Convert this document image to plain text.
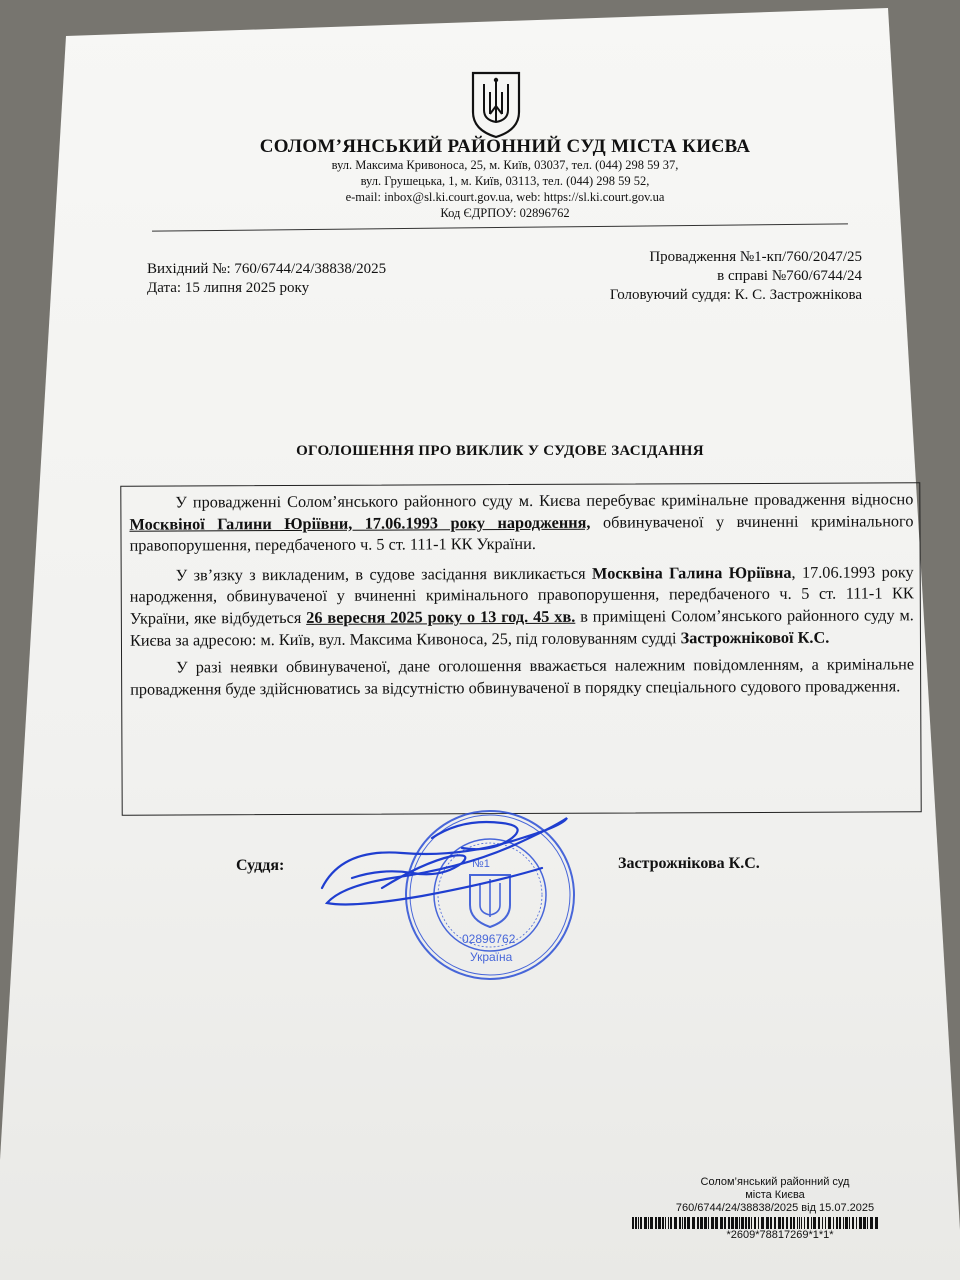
СОЛОМ’ЯНСЬКИЙ РАЙОННИЙ СУД МІСТА КИЄВА

вул. Максима Кривоноса, 25, м. Київ, 03037, тел. (044) 298 59 37,
вул. Грушецька, 1, м. Київ, 03113, тел. (044) 298 59 52,
e-mail: inbox@sl.ki.court.gov.ua, web: https://sl.ki.court.gov.ua
Код ЄДРПОУ: 02896762
Вихідний №: 760/6744/24/38838/2025
Дата: 15 липня 2025 року
Провадження №1-кп/760/2047/25
в справі №760/6744/24
Головуючий суддя: К. С. Застрожнікова

ОГОЛОШЕННЯ ПРО ВИКЛИК У СУДОВЕ ЗАСІДАННЯ

У провадженні Солом’янського районного суду м. Києва перебуває кримінальне провадження відносно Москвіної Галини Юріївни, 17.06.1993 року народження, обвинуваченої у вчиненні кримінального правопорушення, передбаченого ч. 5 ст. 111-1 КК України.

У зв’язку з викладеним, в судове засідання викликається Москвіна Галина Юріївна, 17.06.1993 року народження, обвинуваченої у вчиненні кримінального правопорушення, передбаченого ч. 5 ст. 111-1 КК України, яке відбудеться 26 вересня 2025 року о 13 год. 45 хв. в приміщені Солом’янського районного суду м. Києва за адресою: м. Київ, вул. Максима Кивоноса, 25, під головуванням судді Застрожнікової К.С.

У разі неявки обвинуваченої, дане оголошення вважається належним повідомленням, а кримінальне провадження буде здійснюватись за відсутністю обвинуваченої в порядку спеціального судового провадження.

Суддя:	Застрожнікова К.С.
№1
02896762
Україна
Солом’янський районний суд
міста Києва
760/6744/24/38838/2025 від 15.07.2025
*2609*78817269*1*1*
